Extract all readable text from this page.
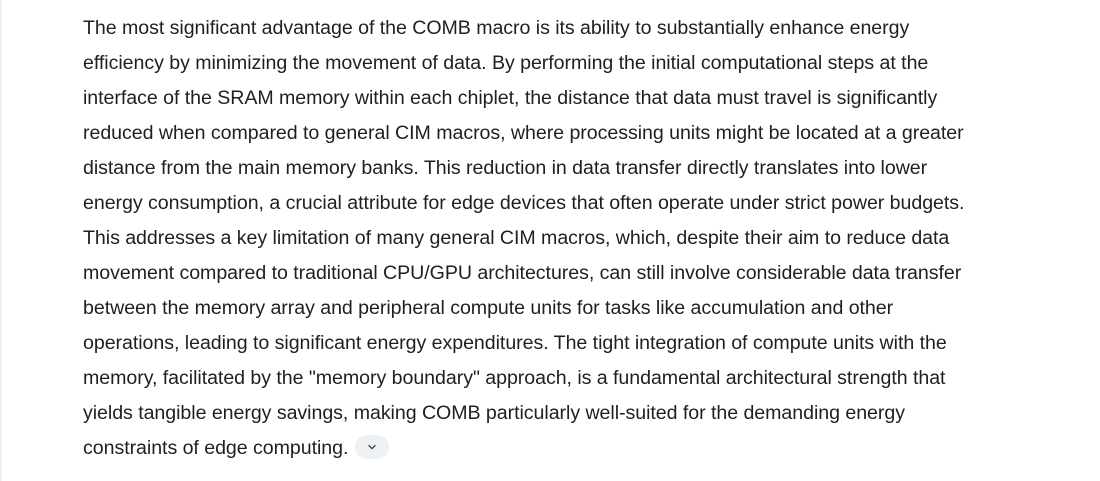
The most significant advantage of the COMB macro is its ability to substantially enhance energy
efficiency by minimizing the movement of data. By performing the initial computational steps at the
interface of the SRAM memory within each chiplet, the distance that data must travel is significantly
reduced when compared to general CIM macros, where processing units might be located at a greater
distance from the main memory banks. This reduction in data transfer directly translates into lower
energy consumption, a crucial attribute for edge devices that often operate under strict power budgets.
This addresses a key limitation of many general CIM macros, which, despite their aim to reduce data
movement compared to traditional CPU/GPU architectures, can still involve considerable data transfer
between the memory array and peripheral compute units for tasks like accumulation and other
operations, leading to significant energy expenditures. The tight integration of compute units with the
memory, facilitated by the "memory boundary" approach, is a fundamental architectural strength that
yields tangible energy savings, making COMB particularly well-suited for the demanding energy
constraints of edge computing.
